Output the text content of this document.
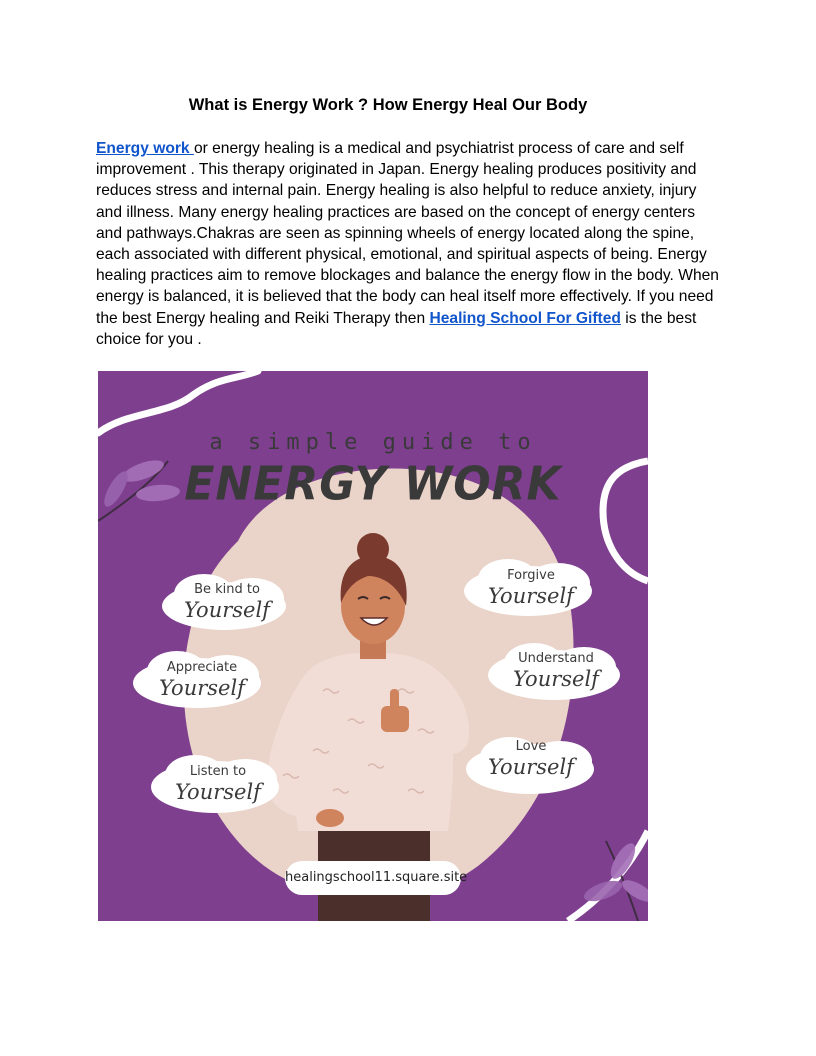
What is Energy Work ? How Energy Heal Our Body
Energy work or energy healing is a medical and psychiatrist process of care and self improvement . This therapy originated in Japan. Energy healing produces positivity and reduces stress and internal pain. Energy healing is also helpful to reduce anxiety, injury and illness. Many energy healing practices are based on the concept of energy centers and pathways.Chakras are seen as spinning wheels of energy located along the spine, each associated with different physical, emotional, and spiritual aspects of being. Energy healing practices aim to remove blockages and balance the energy flow in the body. When energy is balanced, it is believed that the body can heal itself more effectively. If you need the best Energy healing and Reiki Therapy then Healing School For Gifted is the best choice for you .
a simple guide to
ENERGY WORK
Be kind to
Yourself
Appreciate
Yourself
Listen to
Yourself
Forgive
Yourself
Understand
Yourself
Love
Yourself
healingschool11.square.site
